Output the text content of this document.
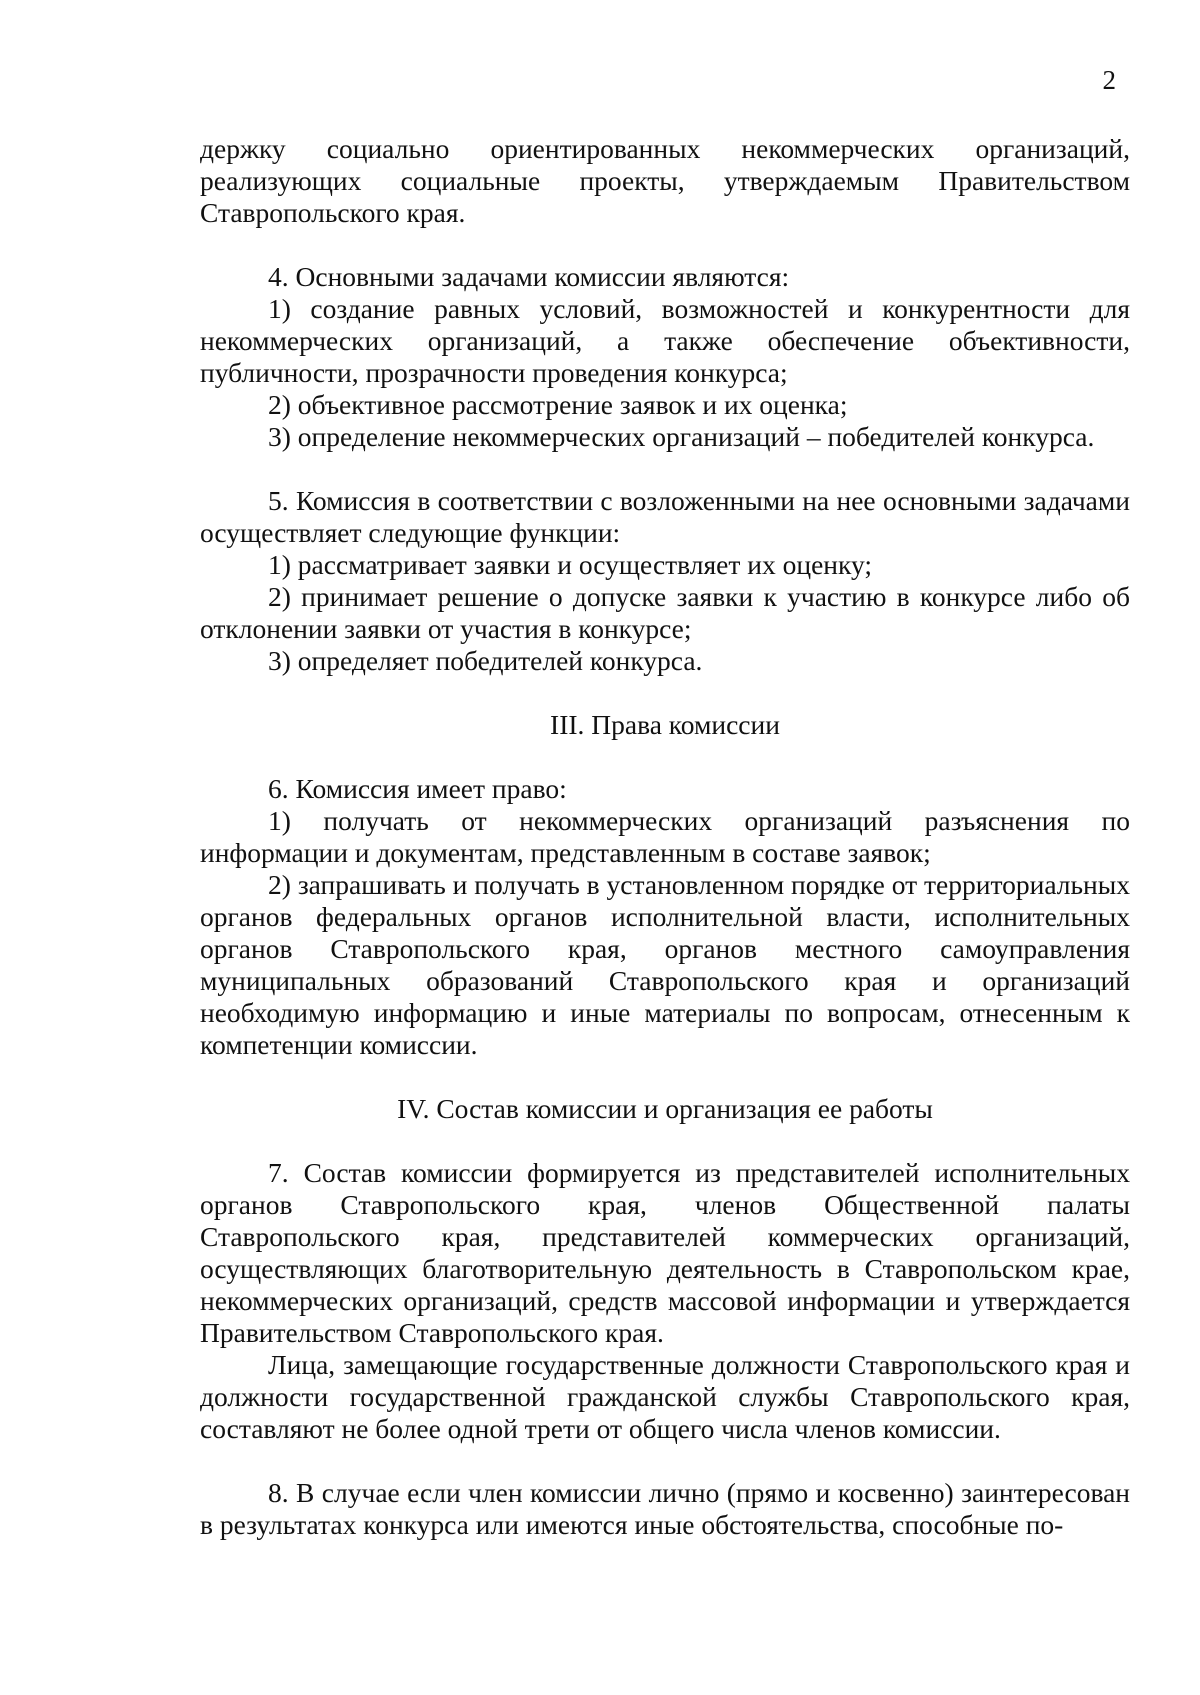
2

держку социально ориентированных некоммерческих организаций, реализующих социальные проекты, утверждаемым Правительством Ставропольского края.

4. Основными задачами комиссии являются:

1) создание равных условий, возможностей и конкурентности для некоммерческих организаций, а также обеспечение объективности, публичности, прозрачности проведения конкурса;

2) объективное рассмотрение заявок и их оценка;

3) определение некоммерческих организаций – победителей конкурса.

5. Комиссия в соответствии с возложенными на нее основными задачами осуществляет следующие функции:

1) рассматривает заявки и осуществляет их оценку;

2) принимает решение о допуске заявки к участию в конкурсе либо об отклонении заявки от участия в конкурсе;

3) определяет победителей конкурса.

III. Права комиссии

6. Комиссия имеет право:

1) получать от некоммерческих организаций разъяснения по информации и документам, представленным в составе заявок;

2) запрашивать и получать в установленном порядке от территориальных органов федеральных органов исполнительной власти, исполнительных органов Ставропольского края, органов местного самоуправления муниципальных образований Ставропольского края и организаций необходимую информацию и иные материалы по вопросам, отнесенным к компетенции комиссии.

IV. Состав комиссии и организация ее работы

7. Состав комиссии формируется из представителей исполнительных органов Ставропольского края, членов Общественной палаты Ставропольского края, представителей коммерческих организаций, осуществляющих благотворительную деятельность в Ставропольском крае, некоммерческих организаций, средств массовой информации и утверждается Правительством Ставропольского края.

Лица, замещающие государственные должности Ставропольского края и должности государственной гражданской службы Ставропольского края, составляют не более одной трети от общего числа членов комиссии.

8. В случае если член комиссии лично (прямо и косвенно) заинтересован в результатах конкурса или имеются иные обстоятельства, способные по-
